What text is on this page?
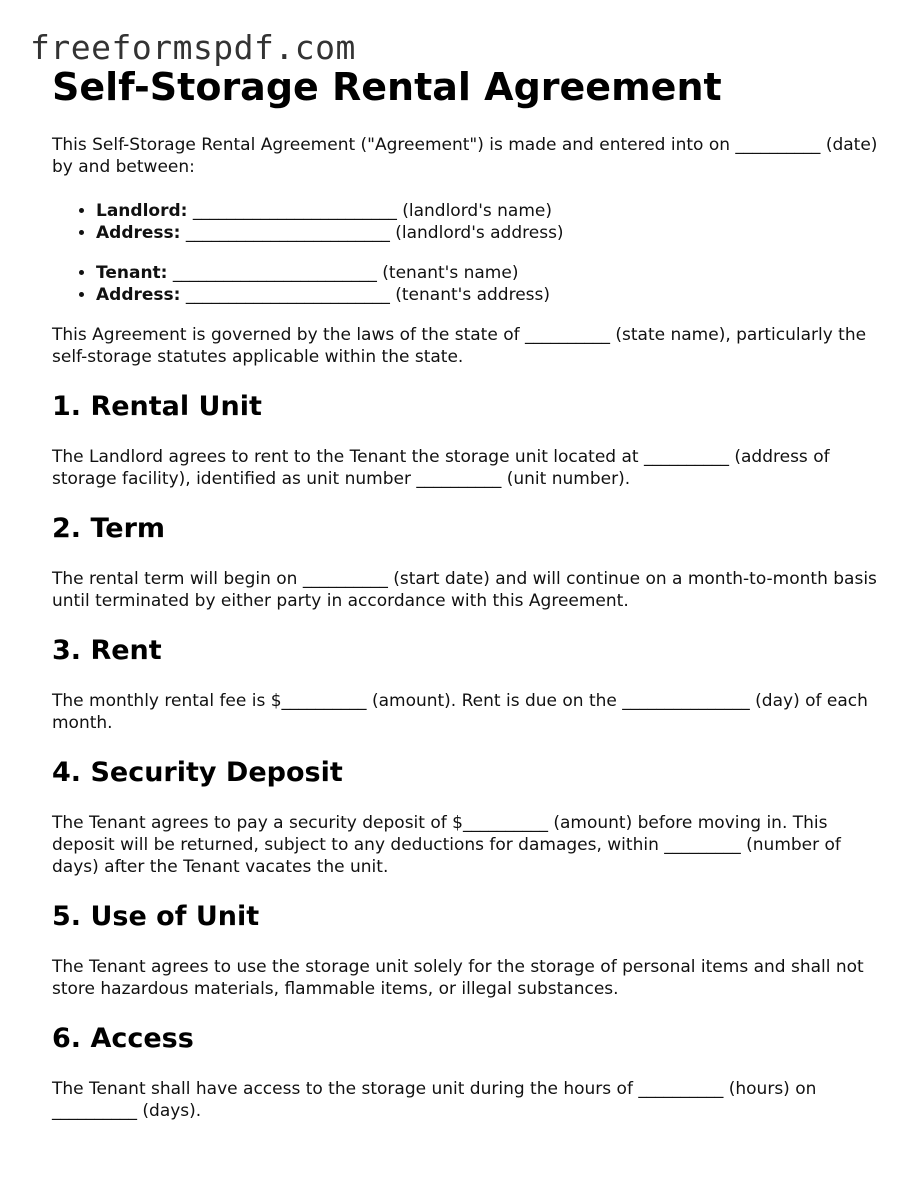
freeformspdf.com
Self-Storage Rental Agreement

This Self-Storage Rental Agreement ("Agreement") is made and entered into on __________ (date) by and between:

• Landlord: ________________________ (landlord's name)
• Address: ________________________ (landlord's address)
• Tenant: ________________________ (tenant's name)
• Address: ________________________ (tenant's address)

This Agreement is governed by the laws of the state of __________ (state name), particularly the self-storage statutes applicable within the state.

1. Rental Unit

The Landlord agrees to rent to the Tenant the storage unit located at __________ (address of storage facility), identified as unit number __________ (unit number).

2. Term

The rental term will begin on __________ (start date) and will continue on a month-to-month basis until terminated by either party in accordance with this Agreement.

3. Rent

The monthly rental fee is $__________ (amount). Rent is due on the _______________ (day) of each month.

4. Security Deposit

The Tenant agrees to pay a security deposit of $__________ (amount) before moving in. This deposit will be returned, subject to any deductions for damages, within _________ (number of days) after the Tenant vacates the unit.

5. Use of Unit

The Tenant agrees to use the storage unit solely for the storage of personal items and shall not store hazardous materials, flammable items, or illegal substances.

6. Access

The Tenant shall have access to the storage unit during the hours of __________ (hours) on __________ (days).
